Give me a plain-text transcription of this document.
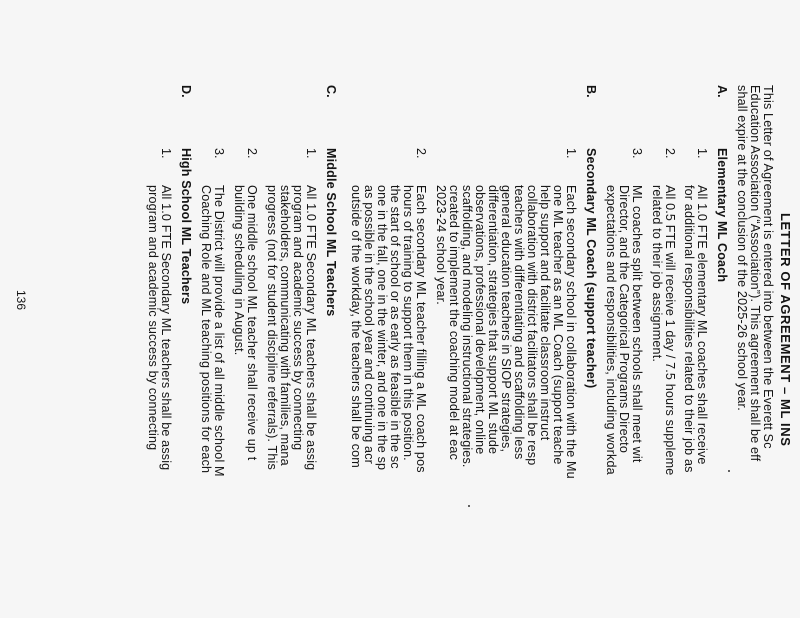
LETTER OF AGREEMENT – ML INS
This Letter of Agreement is entered into between the Everett Sc
Education Association (“Association”). This agreement shall be eff
shall expire at the conclusion of the 2025-26 school year.
A.
Elementary ML Coach
1.
All 1.0 FTE elementary ML coaches shall receive
for additional responsibilities related to their job as
2.
All 0.5 FTE will receive 1 day / 7.5 hours suppleme
related to their job assignment.
3.
ML coaches split between schools shall meet wit
Director, and the Categorical Programs Directo
expectations and responsibilities, including workda
B.
Secondary ML Coach (support teacher)
1.
Each secondary school in collaboration with the Mu
one ML teacher as an ML Coach (support teache
help support and facilitate classroom instruct
collaboration with district facilitators shall be resp
teachers with differentiating and scaffolding less
general education teachers in SIOP strategies,
differentiation, strategies that support ML stude
observations, professional development, online
scaffolding, and modeling instructional strategies.
created to implement the coaching model at eac
2023-24 school year.
2.
Each secondary ML teacher filling a ML coach pos
hours of training to support them in this position.
the start of school or as early as feasible in the sc
one in the fall, one in the winter, and one in the sp
as possible in the school year and continuing acr
outside of the workday, the teachers shall be com
C.
Middle School ML Teachers
1.
All 1.0 FTE Secondary ML teachers shall be assig
program and academic success by connecting
stakeholders, communicating with families, mana
progress (not for student discipline referrals). This
2.
One middle school ML teacher shall receive up t
building scheduling in August.
3.
The District will provide a list of all middle school M
Coaching Role and ML teaching positions for each
D.
High School ML Teachers
1.
All 1.0 FTE Secondary ML teachers shall be assig
program and academic success by connecting
136
